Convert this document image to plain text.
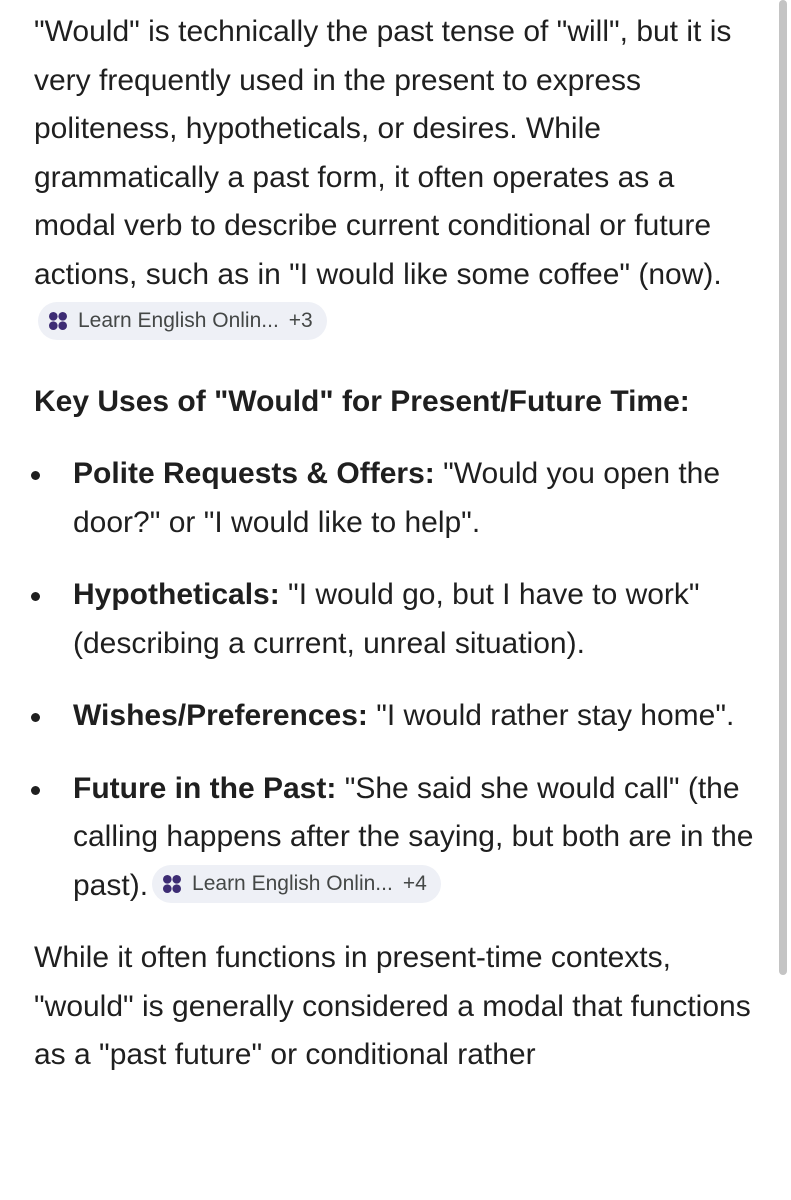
"Would" is technically the past tense of "will", but it is very frequently used in the present to express politeness, hypotheticals, or desires. While grammatically a past form, it often operates as a modal verb to describe current conditional or future actions, such as in "I would like some coffee" (now).
Learn English Onlin... +3

Key Uses of "Would" for Present/Future Time:
Polite Requests & Offers: "Would you open the door?" or "I would like to help".
Hypotheticals: "I would go, but I have to work" (describing a current, unreal situation).
Wishes/Preferences: "I would rather stay home".
Future in the Past: "She said she would call" (the calling happens after the saying, but both are in the past). Learn English Onlin... +4

While it often functions in present-time contexts, "would" is generally considered a modal that functions as a "past future" or conditional rather
